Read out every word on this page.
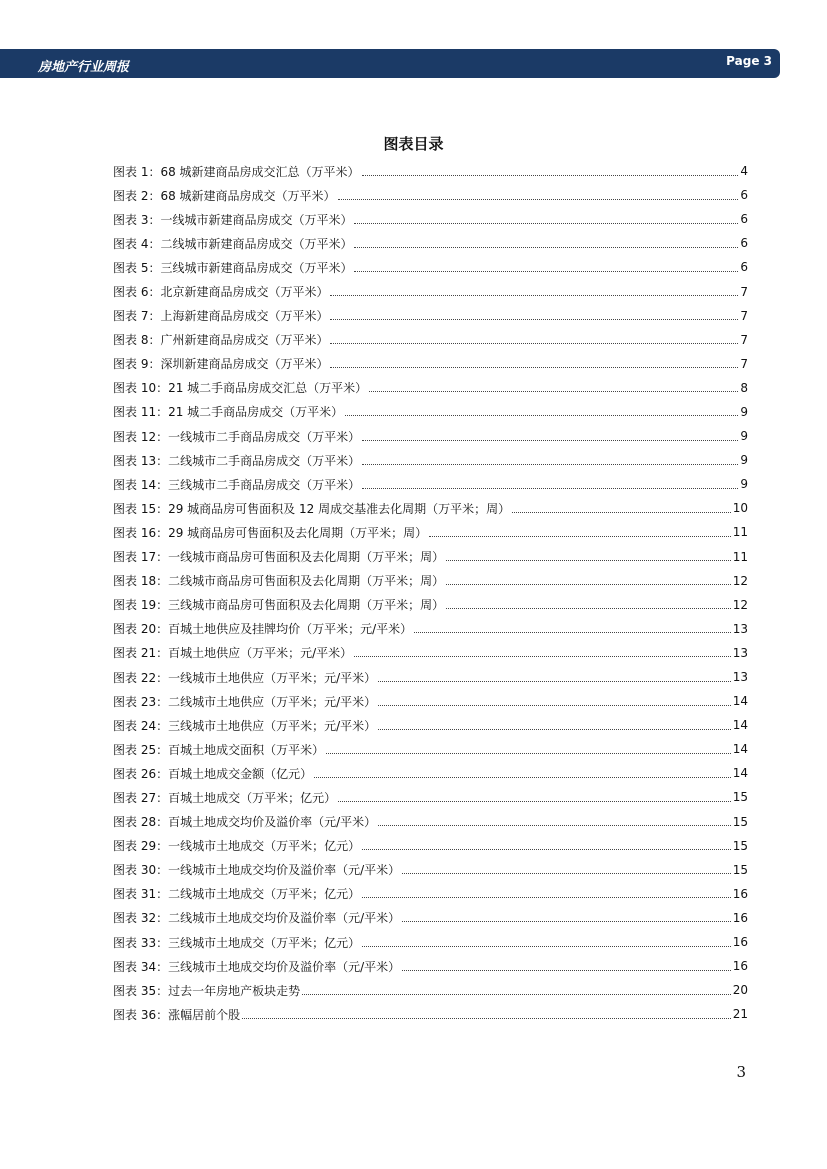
房地产行业周报	Page 3
图表目录
图表 1：68 城新建商品房成交汇总（万平米）	4
图表 2：68 城新建商品房成交（万平米）	6
图表 3：一线城市新建商品房成交（万平米）	6
图表 4：二线城市新建商品房成交（万平米）	6
图表 5：三线城市新建商品房成交（万平米）	6
图表 6：北京新建商品房成交（万平米）	7
图表 7：上海新建商品房成交（万平米）	7
图表 8：广州新建商品房成交（万平米）	7
图表 9：深圳新建商品房成交（万平米）	7
图表 10：21 城二手商品房成交汇总（万平米）	8
图表 11：21 城二手商品房成交（万平米）	9
图表 12：一线城市二手商品房成交（万平米）	9
图表 13：二线城市二手商品房成交（万平米）	9
图表 14：三线城市二手商品房成交（万平米）	9
图表 15：29 城商品房可售面积及 12 周成交基准去化周期（万平米；周）	10
图表 16：29 城商品房可售面积及去化周期（万平米；周）	11
图表 17：一线城市商品房可售面积及去化周期（万平米；周）	11
图表 18：二线城市商品房可售面积及去化周期（万平米；周）	12
图表 19：三线城市商品房可售面积及去化周期（万平米；周）	12
图表 20：百城土地供应及挂牌均价（万平米；元/平米）	13
图表 21：百城土地供应（万平米；元/平米）	13
图表 22：一线城市土地供应（万平米；元/平米）	13
图表 23：二线城市土地供应（万平米；元/平米）	14
图表 24：三线城市土地供应（万平米；元/平米）	14
图表 25：百城土地成交面积（万平米）	14
图表 26：百城土地成交金额（亿元）	14
图表 27：百城土地成交（万平米；亿元）	15
图表 28：百城土地成交均价及溢价率（元/平米）	15
图表 29：一线城市土地成交（万平米；亿元）	15
图表 30：一线城市土地成交均价及溢价率（元/平米）	15
图表 31：二线城市土地成交（万平米；亿元）	16
图表 32：二线城市土地成交均价及溢价率（元/平米）	16
图表 33：三线城市土地成交（万平米；亿元）	16
图表 34：三线城市土地成交均价及溢价率（元/平米）	16
图表 35：过去一年房地产板块走势	20
图表 36：涨幅居前个股	21
3
